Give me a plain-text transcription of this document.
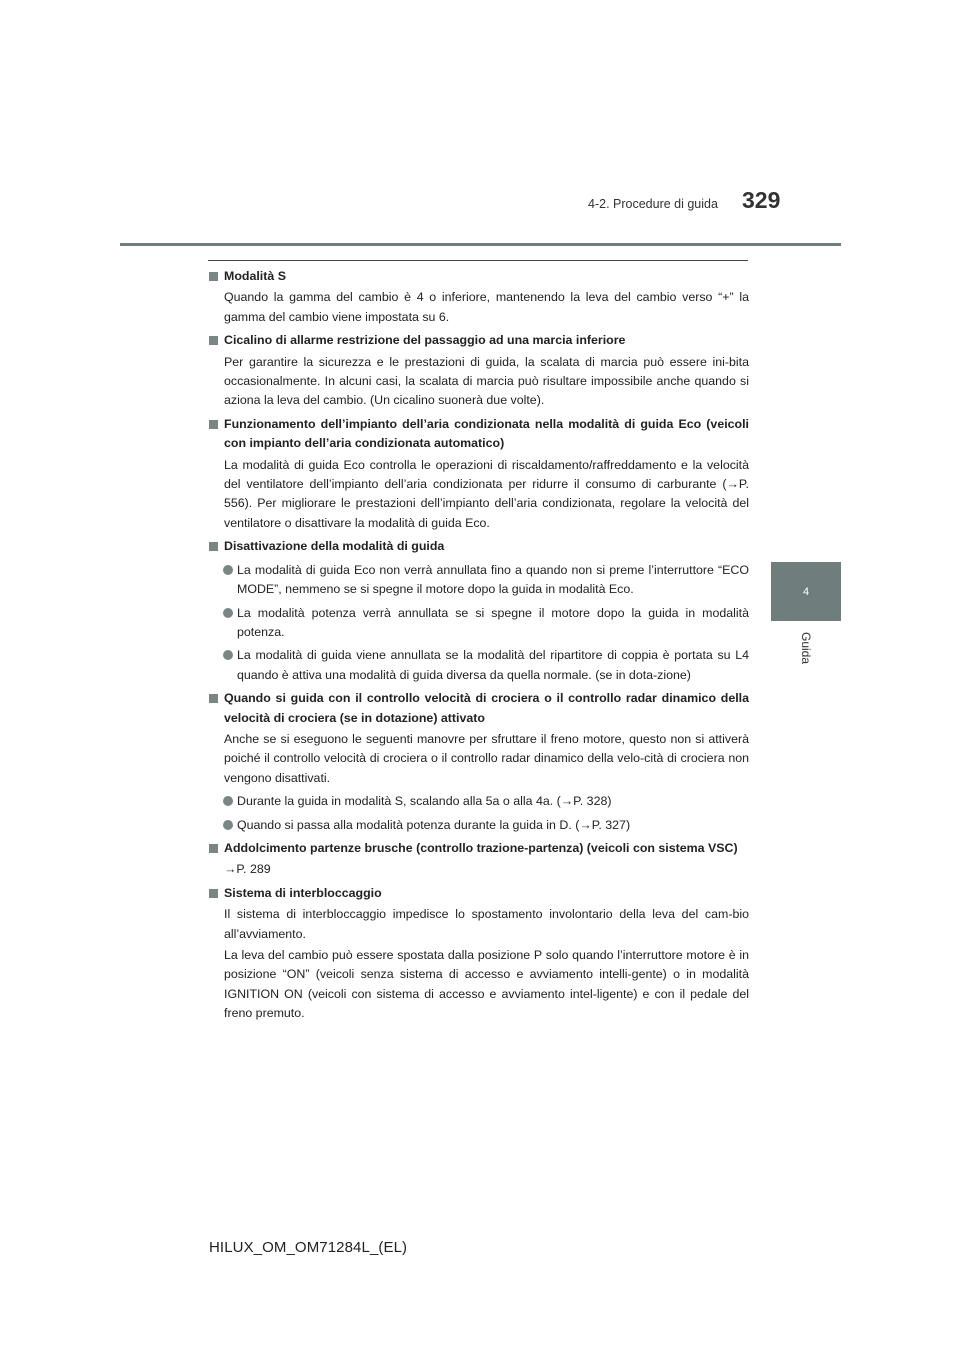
329
4-2. Procedure di guida
4
Guida
Modalità S
Quando la gamma del cambio è 4 o inferiore, mantenendo la leva del cambio verso “+” la gamma del cambio viene impostata su 6.
Cicalino di allarme restrizione del passaggio ad una marcia inferiore
Per garantire la sicurezza e le prestazioni di guida, la scalata di marcia può essere ini-bita occasionalmente. In alcuni casi, la scalata di marcia può risultare impossibile anche quando si aziona la leva del cambio. (Un cicalino suonerà due volte).
Funzionamento dell’impianto dell’aria condizionata nella modalità di guida Eco (veicoli con impianto dell’aria condizionata automatico)
La modalità di guida Eco controlla le operazioni di riscaldamento/raffreddamento e la velocità del ventilatore dell’impianto dell’aria condizionata per ridurre il consumo di carburante (→P. 556). Per migliorare le prestazioni dell’impianto dell’aria condizionata, regolare la velocità del ventilatore o disattivare la modalità di guida Eco.
Disattivazione della modalità di guida
La modalità di guida Eco non verrà annullata fino a quando non si preme l’interruttore “ECO MODE”, nemmeno se si spegne il motore dopo la guida in modalità Eco.
La modalità potenza verrà annullata se si spegne il motore dopo la guida in modalità potenza.
La modalità di guida viene annullata se la modalità del ripartitore di coppia è portata su L4 quando è attiva una modalità di guida diversa da quella normale. (se in dota-zione)
Quando si guida con il controllo velocità di crociera o il controllo radar dinamico della velocità di crociera (se in dotazione) attivato
Anche se si eseguono le seguenti manovre per sfruttare il freno motore, questo non si attiverà poiché il controllo velocità di crociera o il controllo radar dinamico della velo-cità di crociera non vengono disattivati.
Durante la guida in modalità S, scalando alla 5a o alla 4a. (→P. 328)
Quando si passa alla modalità potenza durante la guida in D. (→P. 327)
Addolcimento partenze brusche (controllo trazione-partenza) (veicoli con sistema VSC)
→P. 289
Sistema di interbloccaggio
Il sistema di interbloccaggio impedisce lo spostamento involontario della leva del cam-bio all’avviamento.
La leva del cambio può essere spostata dalla posizione P solo quando l’interruttore motore è in posizione “ON” (veicoli senza sistema di accesso e avviamento intelli-gente) o in modalità IGNITION ON (veicoli con sistema di accesso e avviamento intel-ligente) e con il pedale del freno premuto.
HILUX_OM_OM71284L_(EL)
